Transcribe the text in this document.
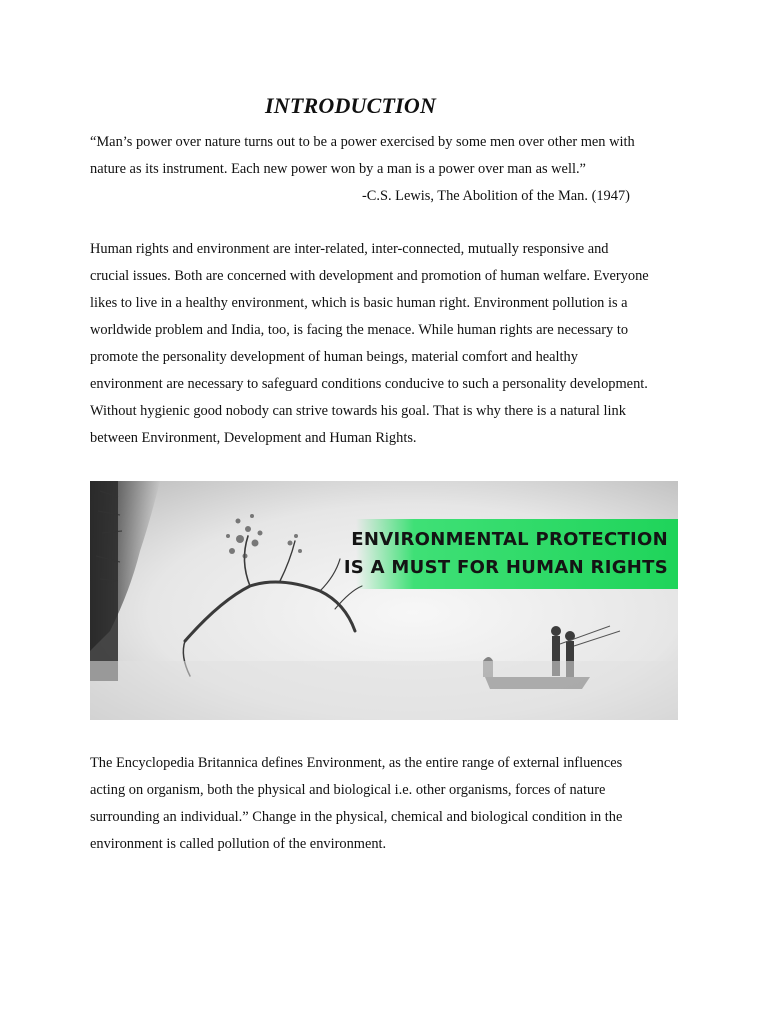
INTRODUCTION
“Man’s power over nature turns out to be a power exercised by some men over other men with
nature as its instrument. Each new power won by a man is a power over man as well.”
-C.S. Lewis, The Abolition of the Man. (1947)
Human rights and environment are inter-related, inter-connected, mutually responsive and
crucial issues. Both are concerned with development and promotion of human welfare. Everyone
likes to live in a healthy environment, which is basic human right. Environment pollution is a
worldwide problem and India, too, is facing the menace. While human rights are necessary to
promote the personality development of human beings, material comfort and healthy
environment are necessary to safeguard conditions conducive to such a personality development.
Without hygienic good nobody can strive towards his goal. That is why there is a natural link
between Environment, Development and Human Rights.
ENVIRONMENTAL PROTECTION
IS A MUST FOR HUMAN RIGHTS
The Encyclopedia Britannica defines Environment, as the entire range of external influences
acting on organism, both the physical and biological i.e. other organisms, forces of nature
surrounding an individual.” Change in the physical, chemical and biological condition in the
environment is called pollution of the environment.
